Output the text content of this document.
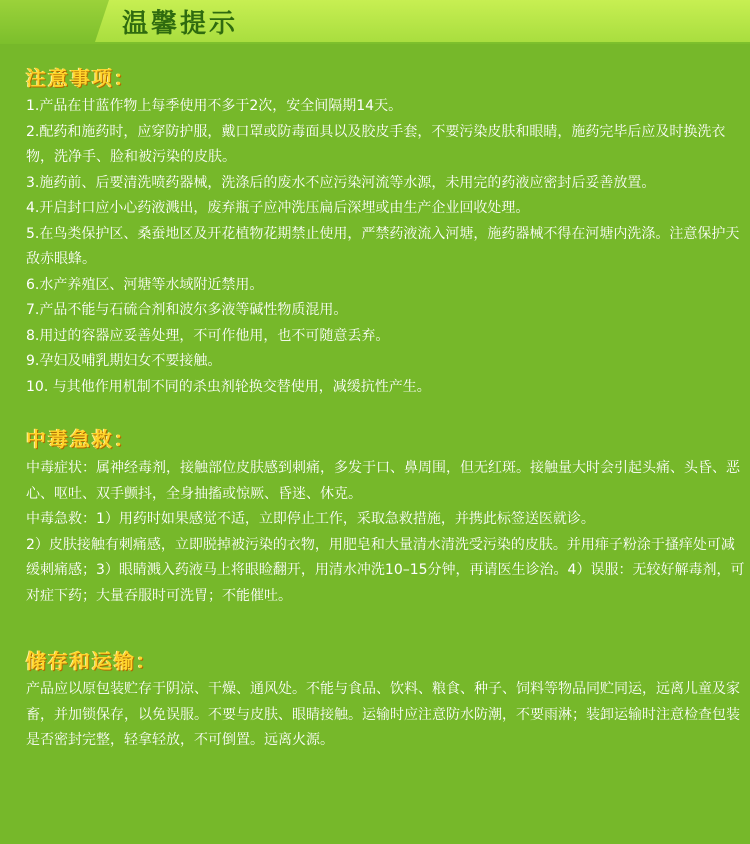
温馨提示
注意事项：
1.产品在甘蓝作物上每季使用不多于2次，安全间隔期14天。
2.配药和施药时，应穿防护服，戴口罩或防毒面具以及胶皮手套，不要污染皮肤和眼睛，施药完毕后应及时换洗衣物，洗净手、脸和被污染的皮肤。
3.施药前、后要清洗喷药器械，洗涤后的废水不应污染河流等水源，未用完的药液应密封后妥善放置。
4.开启封口应小心药液溅出，废弃瓶子应冲洗压扁后深埋或由生产企业回收处理。
5.在鸟类保护区、桑蚕地区及开花植物花期禁止使用，严禁药液流入河塘，施药器械不得在河塘内洗涤。注意保护天敌赤眼蜂。
6.水产养殖区、河塘等水域附近禁用。
7.产品不能与石硫合剂和波尔多液等碱性物质混用。
8.用过的容器应妥善处理，不可作他用，也不可随意丢弃。
9.孕妇及哺乳期妇女不要接触。
10. 与其他作用机制不同的杀虫剂轮换交替使用，减缓抗性产生。
中毒急救：

中毒症状：属神经毒剂，接触部位皮肤感到刺痛，多发于口、鼻周围，但无红斑。接触量大时会引起头痛、头昏、恶心、呕吐、双手颤抖，全身抽搐或惊厥、昏迷、休克。

中毒急救：1）用药时如果感觉不适，立即停止工作，采取急救措施，并携此标签送医就诊。

2）皮肤接触有刺痛感，立即脱掉被污染的衣物，用肥皂和大量清水清洗受污染的皮肤。并用痱子粉涂于搔痒处可减缓刺痛感；3）眼睛溅入药液马上将眼睑翻开，用清水冲洗10–15分钟，再请医生诊治。4）误服：无较好解毒剂，可对症下药；大量吞服时可洗胃；不能催吐。

储存和运输：

产品应以原包装贮存于阴凉、干燥、通风处。不能与食品、饮料、粮食、种子、饲料等物品同贮同运，远离儿童及家畜，并加锁保存，以免误服。不要与皮肤、眼睛接触。运输时应注意防水防潮，不要雨淋；装卸运输时注意检查包装是否密封完整，轻拿轻放，不可倒置。远离火源。
